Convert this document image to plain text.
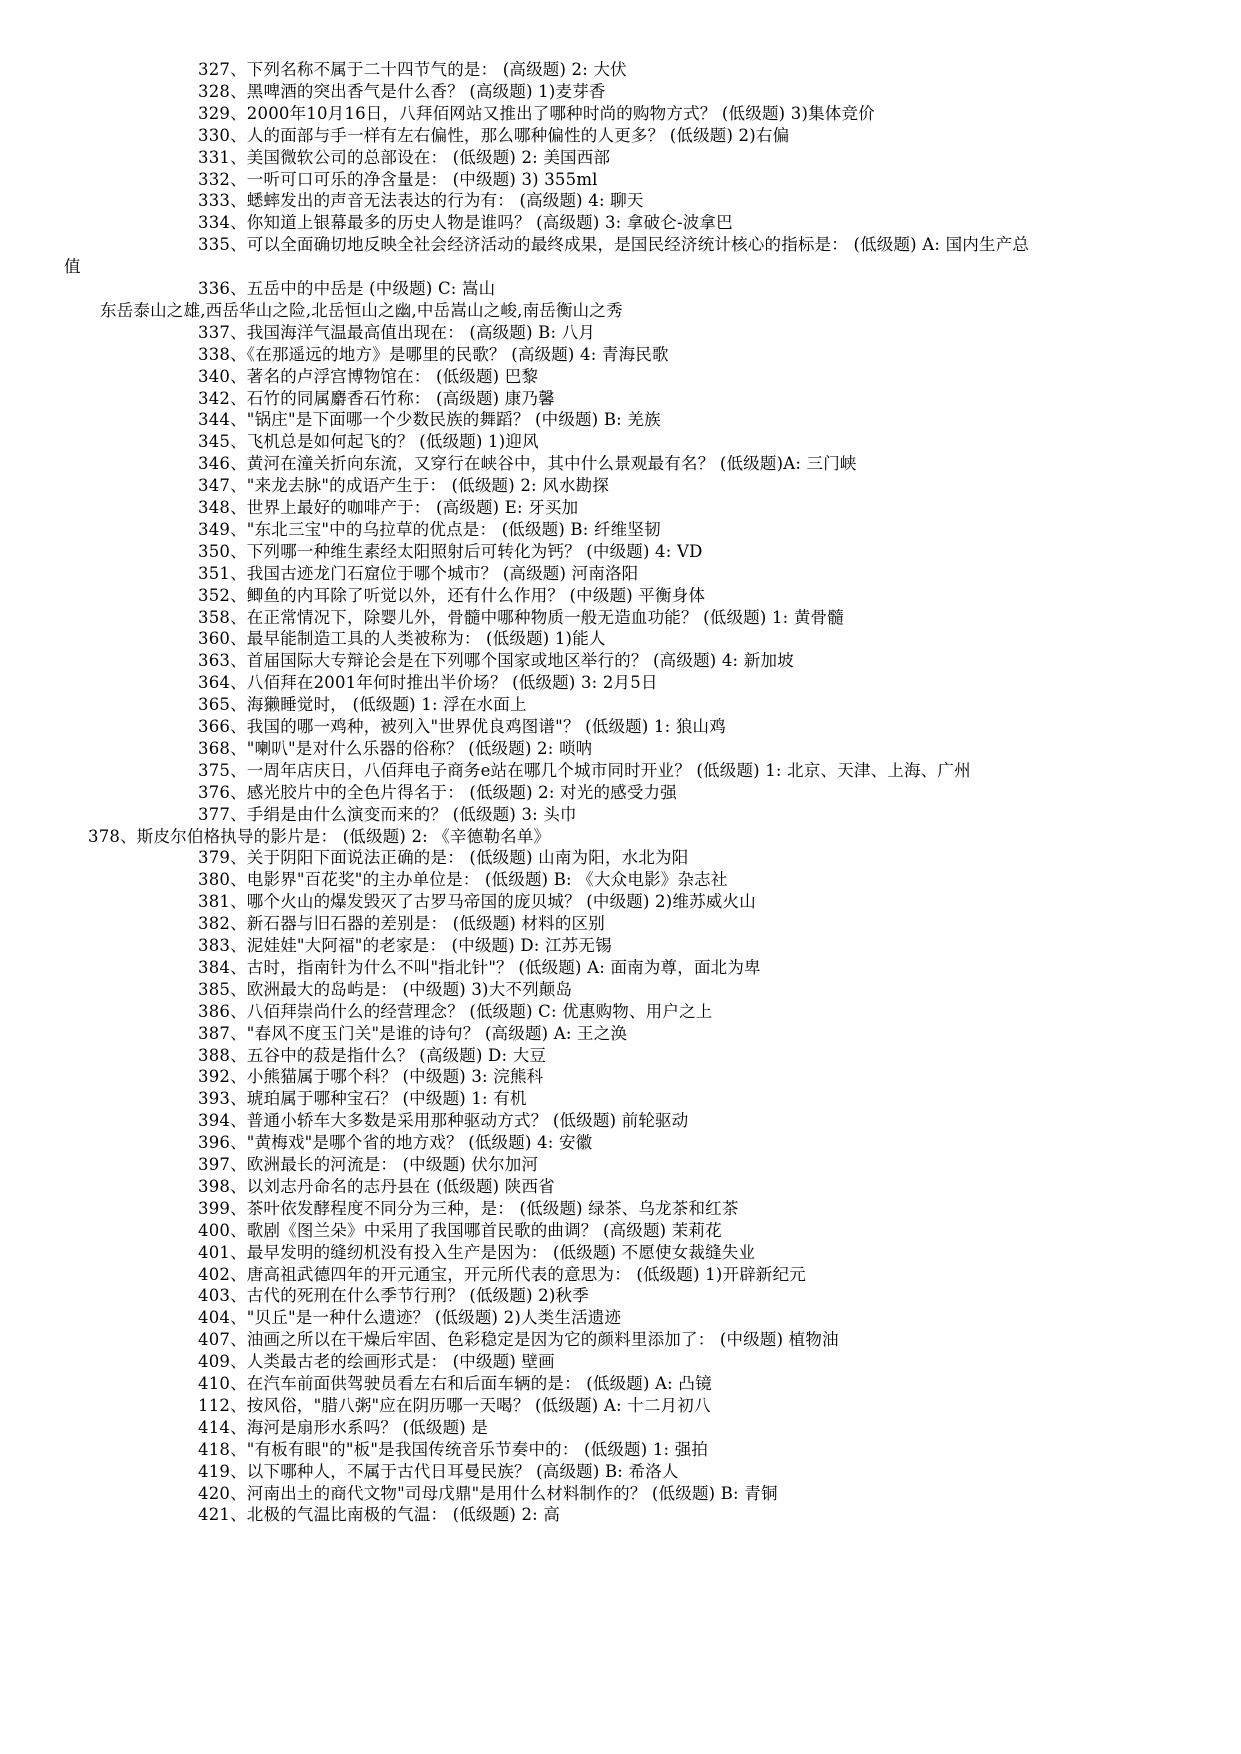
327、下列名称不属于二十四节气的是： (高级题) 2: 大伏
328、黑啤酒的突出香气是什么香？ (高级题) 1)麦芽香
329、2000年10月16日，八拜佰网站又推出了哪种时尚的购物方式？ (低级题) 3)集体竞价
330、人的面部与手一样有左右偏性，那么哪种偏性的人更多？ (低级题) 2)右偏
331、美国微软公司的总部设在： (低级题) 2: 美国西部
332、一听可口可乐的净含量是： (中级题) 3) 355ml
333、蟋蟀发出的声音无法表达的行为有： (高级题) 4: 聊天
334、你知道上银幕最多的历史人物是谁吗？ (高级题) 3: 拿破仑-波拿巴
335、可以全面确切地反映全社会经济活动的最终成果，是国民经济统计核心的指标是： (低级题) A: 国内生产总
值
336、五岳中的中岳是 (中级题) C: 嵩山
东岳泰山之雄,西岳华山之险,北岳恒山之幽,中岳嵩山之峻,南岳衡山之秀
337、我国海洋气温最高值出现在： (高级题) B: 八月
338、《在那遥远的地方》是哪里的民歌？ (高级题) 4: 青海民歌
340、著名的卢浮宫博物馆在： (低级题) 巴黎
342、石竹的同属麝香石竹称： (高级题) 康乃馨
344、"锅庄"是下面哪一个少数民族的舞蹈？ (中级题) B: 羌族
345、飞机总是如何起飞的？ (低级题) 1)迎风
346、黄河在潼关折向东流，又穿行在峡谷中，其中什么景观最有名？ (低级题)A: 三门峡
347、"来龙去脉"的成语产生于： (低级题) 2: 风水勘探
348、世界上最好的咖啡产于： (高级题) E: 牙买加
349、"东北三宝"中的乌拉草的优点是： (低级题) B: 纤维坚韧
350、下列哪一种维生素经太阳照射后可转化为钙？ (中级题) 4: VD
351、我国古迹龙门石窟位于哪个城市？ (高级题) 河南洛阳
352、鲫鱼的内耳除了听觉以外，还有什么作用？ (中级题) 平衡身体
358、在正常情况下，除婴儿外，骨髓中哪种物质一般无造血功能？ (低级题) 1: 黄骨髓
360、最早能制造工具的人类被称为： (低级题) 1)能人
363、首届国际大专辩论会是在下列哪个国家或地区举行的？ (高级题) 4: 新加坡
364、八佰拜在2001年何时推出半价场？ (低级题) 3: 2月5日
365、海獭睡觉时， (低级题) 1: 浮在水面上
366、我国的哪一鸡种，被列入"世界优良鸡图谱"？ (低级题) 1: 狼山鸡
368、"喇叭"是对什么乐器的俗称？ (低级题) 2: 唢呐
375、一周年店庆日，八佰拜电子商务e站在哪几个城市同时开业？ (低级题) 1: 北京、天津、上海、广州
376、感光胶片中的全色片得名于： (低级题) 2: 对光的感受力强
377、手绢是由什么演变而来的？ (低级题) 3: 头巾
378、斯皮尔伯格执导的影片是： (低级题) 2: 《辛德勒名单》
379、关于阴阳下面说法正确的是： (低级题) 山南为阳，水北为阳
380、电影界"百花奖"的主办单位是： (低级题) B: 《大众电影》杂志社
381、哪个火山的爆发毁灭了古罗马帝国的庞贝城？ (中级题) 2)维苏威火山
382、新石器与旧石器的差别是： (低级题) 材料的区别
383、泥娃娃"大阿福"的老家是： (中级题) D: 江苏无锡
384、古时，指南针为什么不叫"指北针"？ (低级题) A: 面南为尊，面北为卑
385、欧洲最大的岛屿是： (中级题) 3)大不列颠岛
386、八佰拜崇尚什么的经营理念？ (低级题) C: 优惠购物、用户之上
387、"春风不度玉门关"是谁的诗句？ (高级题) A: 王之涣
388、五谷中的菽是指什么？ (高级题) D: 大豆
392、小熊猫属于哪个科？ (中级题) 3: 浣熊科
393、琥珀属于哪种宝石？ (中级题) 1: 有机
394、普通小轿车大多数是采用那种驱动方式？ (低级题) 前轮驱动
396、"黄梅戏"是哪个省的地方戏？ (低级题) 4: 安徽
397、欧洲最长的河流是： (中级题) 伏尔加河
398、以刘志丹命名的志丹县在 (低级题) 陕西省
399、茶叶依发酵程度不同分为三种，是： (低级题) 绿茶、乌龙茶和红茶
400、歌剧《图兰朵》中采用了我国哪首民歌的曲调？ (高级题) 茉莉花
401、最早发明的缝纫机没有投入生产是因为： (低级题) 不愿使女裁缝失业
402、唐高祖武德四年的开元通宝，开元所代表的意思为： (低级题) 1)开辟新纪元
403、古代的死刑在什么季节行刑？ (低级题) 2)秋季
404、"贝丘"是一种什么遗迹？ (低级题) 2)人类生活遗迹
407、油画之所以在干燥后牢固、色彩稳定是因为它的颜料里添加了： (中级题) 植物油
409、人类最古老的绘画形式是： (中级题) 壁画
410、在汽车前面供驾驶员看左右和后面车辆的是： (低级题) A: 凸镜
112、按风俗，"腊八粥"应在阴历哪一天喝？ (低级题) A: 十二月初八
414、海河是扇形水系吗？ (低级题) 是
418、"有板有眼"的"板"是我国传统音乐节奏中的： (低级题) 1: 强拍
419、以下哪种人，不属于古代日耳曼民族？ (高级题) B: 希洛人
420、河南出土的商代文物"司母戊鼎"是用什么材料制作的？ (低级题) B: 青铜
421、北极的气温比南极的气温： (低级题) 2: 高
